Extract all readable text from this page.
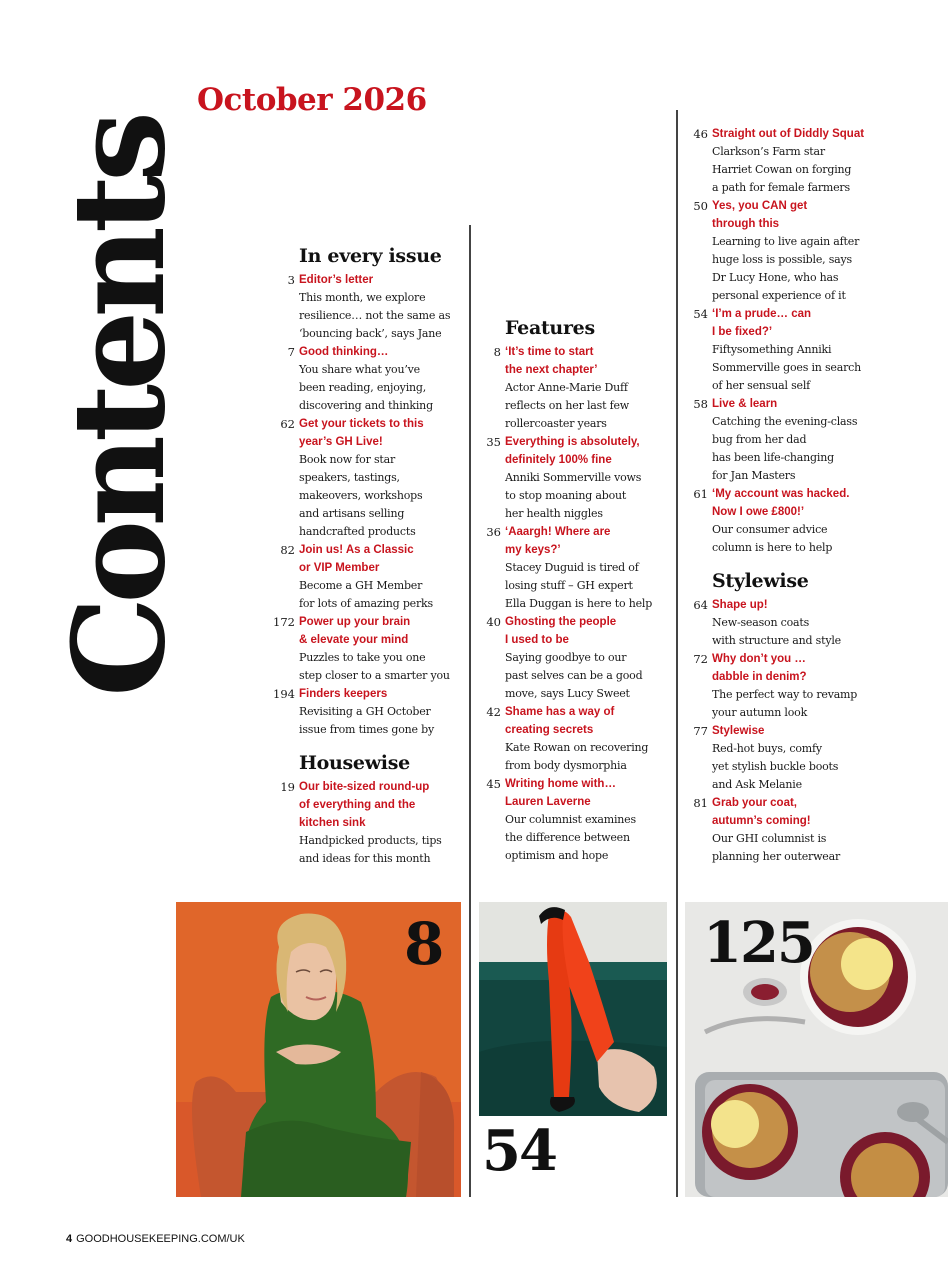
Contents
October 2026
In every issue
3 Editor’s letter
This month, we explore
resilience… not the same as
‘bouncing back’, says Jane
7 Good thinking…
You share what you’ve
been reading, enjoying,
discovering and thinking
62 Get your tickets to this
year’s GH Live!
Book now for star
speakers, tastings,
makeovers, workshops
and artisans selling
handcrafted products
82 Join us! As a Classic
or VIP Member
Become a GH Member
for lots of amazing perks
172 Power up your brain
& elevate your mind
Puzzles to take you one
step closer to a smarter you
194 Finders keepers
Revisiting a GH October
issue from times gone by
Housewise
19 Our bite-sized round-up
of everything and the
kitchen sink
Handpicked products, tips
and ideas for this month
Features
8 ‘It’s time to start
the next chapter’
Actor Anne-Marie Duff
reflects on her last few
rollercoaster years
35 Everything is absolutely,
definitely 100% fine
Anniki Sommerville vows
to stop moaning about
her health niggles
36 ‘Aaargh! Where are
my keys?’
Stacey Duguid is tired of
losing stuff – GH expert
Ella Duggan is here to help
40 Ghosting the people
I used to be
Saying goodbye to our
past selves can be a good
move, says Lucy Sweet
42 Shame has a way of
creating secrets
Kate Rowan on recovering
from body dysmorphia
45 Writing home with…
Lauren Laverne
Our columnist examines
the difference between
optimism and hope
46 Straight out of Diddly Squat
Clarkson’s Farm star
Harriet Cowan on forging
a path for female farmers
50 Yes, you CAN get
through this
Learning to live again after
huge loss is possible, says
Dr Lucy Hone, who has
personal experience of it
54 ‘I’m a prude… can
I be fixed?’
Fiftysomething Anniki
Sommerville goes in search
of her sensual self
58 Live & learn
Catching the evening-class
bug from her dad
has been life-changing
for Jan Masters
61 ‘My account was hacked.
Now I owe £800!’
Our consumer advice
column is here to help
Stylewise
64 Shape up!
New-season coats
with structure and style
72 Why don’t you …
dabble in denim?
The perfect way to revamp
your autumn look
77 Stylewise
Red-hot buys, comfy
yet stylish buckle boots
and Ask Melanie
81 Grab your coat,
autumn’s coming!
Our GHI columnist is
planning her outerwear
8
54
125
4 GOODHOUSEKEEPING.COM/UK
